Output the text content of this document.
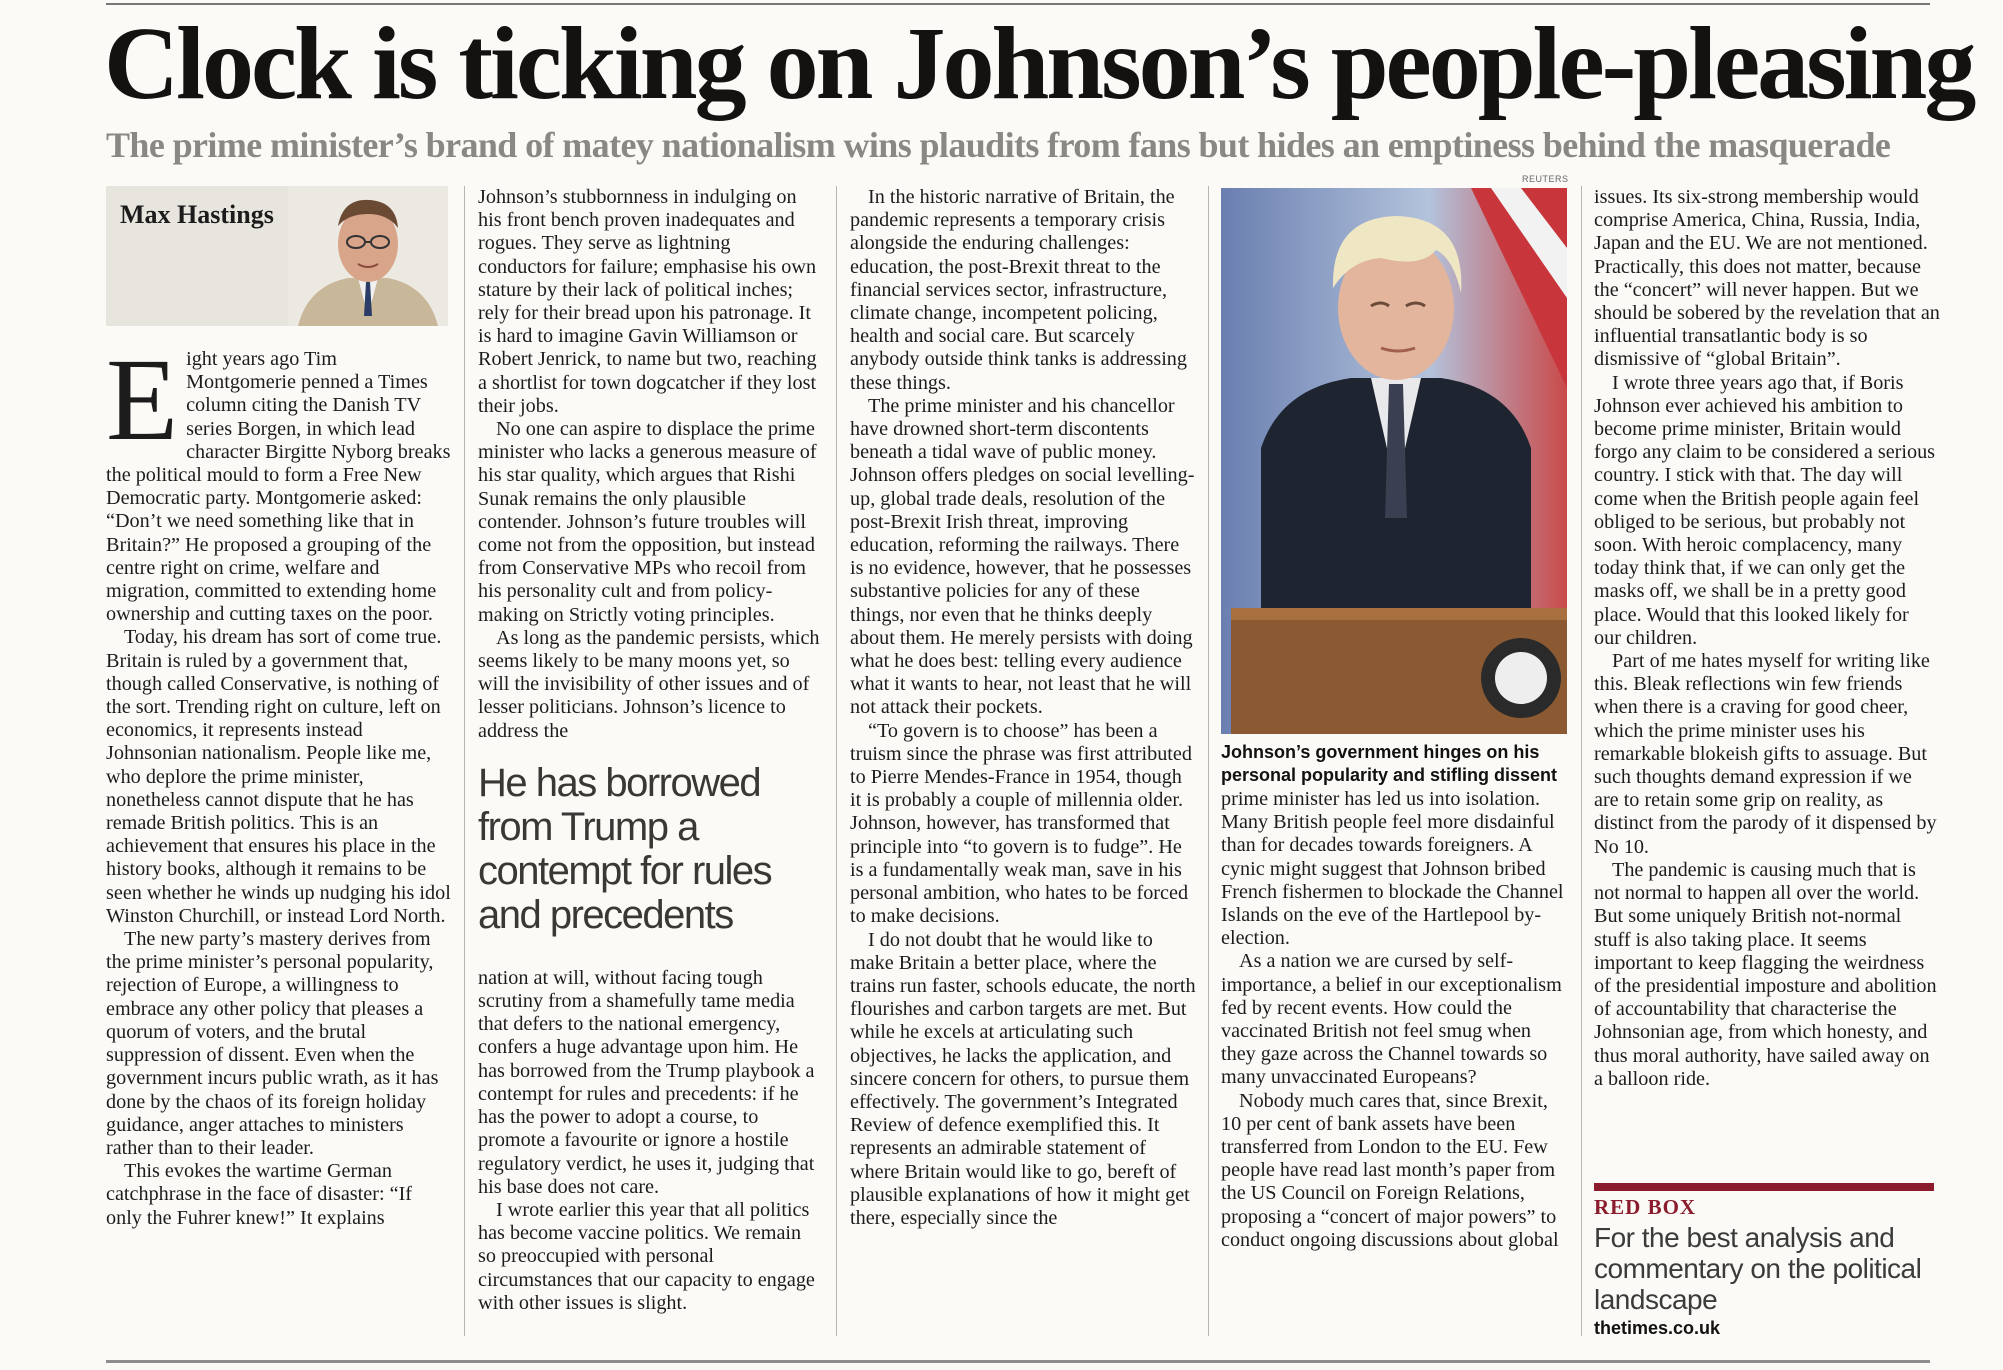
Clock is ticking on Johnson’s people-pleasing
The prime minister’s brand of matey nationalism wins plaudits from fans but hides an emptiness behind the masquerade
Max Hastings

Eight years ago Tim Montgomerie penned a Times column citing the Danish TV series Borgen, in which lead character Birgitte Nyborg breaks the political mould to form a Free New Democratic party. Montgomerie asked: “Don’t we need something like that in Britain?” He proposed a grouping of the centre right on crime, welfare and migration, committed to extending home ownership and cutting taxes on the poor.

Today, his dream has sort of come true. Britain is ruled by a government that, though called Conservative, is nothing of the sort. Trending right on culture, left on economics, it represents instead Johnsonian nationalism. People like me, who deplore the prime minister, nonetheless cannot dispute that he has remade British politics. This is an achievement that ensures his place in the history books, although it remains to be seen whether he winds up nudging his idol Winston Churchill, or instead Lord North.

The new party’s mastery derives from the prime minister’s personal popularity, rejection of Europe, a willingness to embrace any other policy that pleases a quorum of voters, and the brutal suppression of dissent. Even when the government incurs public wrath, as it has done by the chaos of its foreign holiday guidance, anger attaches to ministers rather than to their leader.

This evokes the wartime German catchphrase in the face of disaster: “If only the Fuhrer knew!” It explains

Johnson’s stubbornness in indulging on his front bench proven inadequates and rogues. They serve as lightning conductors for failure; emphasise his own stature by their lack of political inches; rely for their bread upon his patronage. It is hard to imagine Gavin Williamson or Robert Jenrick, to name but two, reaching a shortlist for town dogcatcher if they lost their jobs.

No one can aspire to displace the prime minister who lacks a generous measure of his star quality, which argues that Rishi Sunak remains the only plausible contender. Johnson’s future troubles will come not from the opposition, but instead from Conservative MPs who recoil from his personality cult and from policy-making on Strictly voting principles.

As long as the pandemic persists, which seems likely to be many moons yet, so will the invisibility of other issues and of lesser politicians. Johnson’s licence to address the

He has borrowed from Trump a contempt for rules and precedents

nation at will, without facing tough scrutiny from a shamefully tame media that defers to the national emergency, confers a huge advantage upon him. He has borrowed from the Trump playbook a contempt for rules and precedents: if he has the power to adopt a course, to promote a favourite or ignore a hostile regulatory verdict, he uses it, judging that his base does not care.

I wrote earlier this year that all politics has become vaccine politics. We remain so preoccupied with personal circumstances that our capacity to engage with other issues is slight.

In the historic narrative of Britain, the pandemic represents a temporary crisis alongside the enduring challenges: education, the post-Brexit threat to the financial services sector, infrastructure, climate change, incompetent policing, health and social care. But scarcely anybody outside think tanks is addressing these things.

The prime minister and his chancellor have drowned short-term discontents beneath a tidal wave of public money. Johnson offers pledges on social levelling-up, global trade deals, resolution of the post-Brexit Irish threat, improving education, reforming the railways. There is no evidence, however, that he possesses substantive policies for any of these things, nor even that he thinks deeply about them. He merely persists with doing what he does best: telling every audience what it wants to hear, not least that he will not attack their pockets.

“To govern is to choose” has been a truism since the phrase was first attributed to Pierre Mendes-France in 1954, though it is probably a couple of millennia older. Johnson, however, has transformed that principle into “to govern is to fudge”. He is a fundamentally weak man, save in his personal ambition, who hates to be forced to make decisions.

I do not doubt that he would like to make Britain a better place, where the trains run faster, schools educate, the north flourishes and carbon targets are met. But while he excels at articulating such objectives, he lacks the application, and sincere concern for others, to pursue them effectively. The government’s Integrated Review of defence exemplified this. It represents an admirable statement of where Britain would like to go, bereft of plausible explanations of how it might get there, especially since the

REUTERS
Johnson’s government hinges on his personal popularity and stifling dissent

prime minister has led us into isolation. Many British people feel more disdainful than for decades towards foreigners. A cynic might suggest that Johnson bribed French fishermen to blockade the Channel Islands on the eve of the Hartlepool by-election.

As a nation we are cursed by self-importance, a belief in our exceptionalism fed by recent events. How could the vaccinated British not feel smug when they gaze across the Channel towards so many unvaccinated Europeans?

Nobody much cares that, since Brexit, 10 per cent of bank assets have been transferred from London to the EU. Few people have read last month’s paper from the US Council on Foreign Relations, proposing a “concert of major powers” to conduct ongoing discussions about global

issues. Its six-strong membership would comprise America, China, Russia, India, Japan and the EU. We are not mentioned. Practically, this does not matter, because the “concert” will never happen. But we should be sobered by the revelation that an influential transatlantic body is so dismissive of “global Britain”.

I wrote three years ago that, if Boris Johnson ever achieved his ambition to become prime minister, Britain would forgo any claim to be considered a serious country. I stick with that. The day will come when the British people again feel obliged to be serious, but probably not soon. With heroic complacency, many today think that, if we can only get the masks off, we shall be in a pretty good place. Would that this looked likely for our children.

Part of me hates myself for writing like this. Bleak reflections win few friends when there is a craving for good cheer, which the prime minister uses his remarkable blokeish gifts to assuage. But such thoughts demand expression if we are to retain some grip on reality, as distinct from the parody of it dispensed by No 10.

The pandemic is causing much that is not normal to happen all over the world. But some uniquely British not-normal stuff is also taking place. It seems important to keep flagging the weirdness of the presidential imposture and abolition of accountability that characterise the Johnsonian age, from which honesty, and thus moral authority, have sailed away on a balloon ride.

RED BOX
For the best analysis and commentary on the political landscape
thetimes.co.uk
